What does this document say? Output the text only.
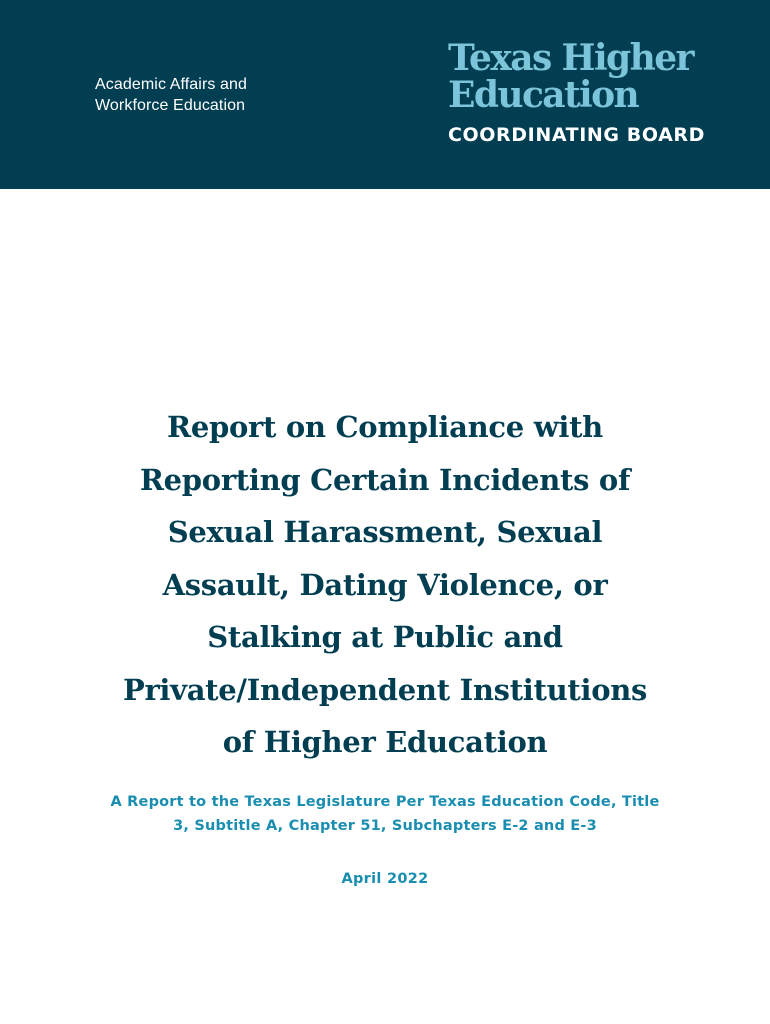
Academic Affairs and
Workforce Education
Texas Higher
Education
COORDINATING BOARD
Report on Compliance with
Reporting Certain Incidents of
Sexual Harassment, Sexual
Assault, Dating Violence, or
Stalking at Public and
Private/Independent Institutions
of Higher Education
A Report to the Texas Legislature Per Texas Education Code, Title
3, Subtitle A, Chapter 51, Subchapters E-2 and E-3
April 2022
